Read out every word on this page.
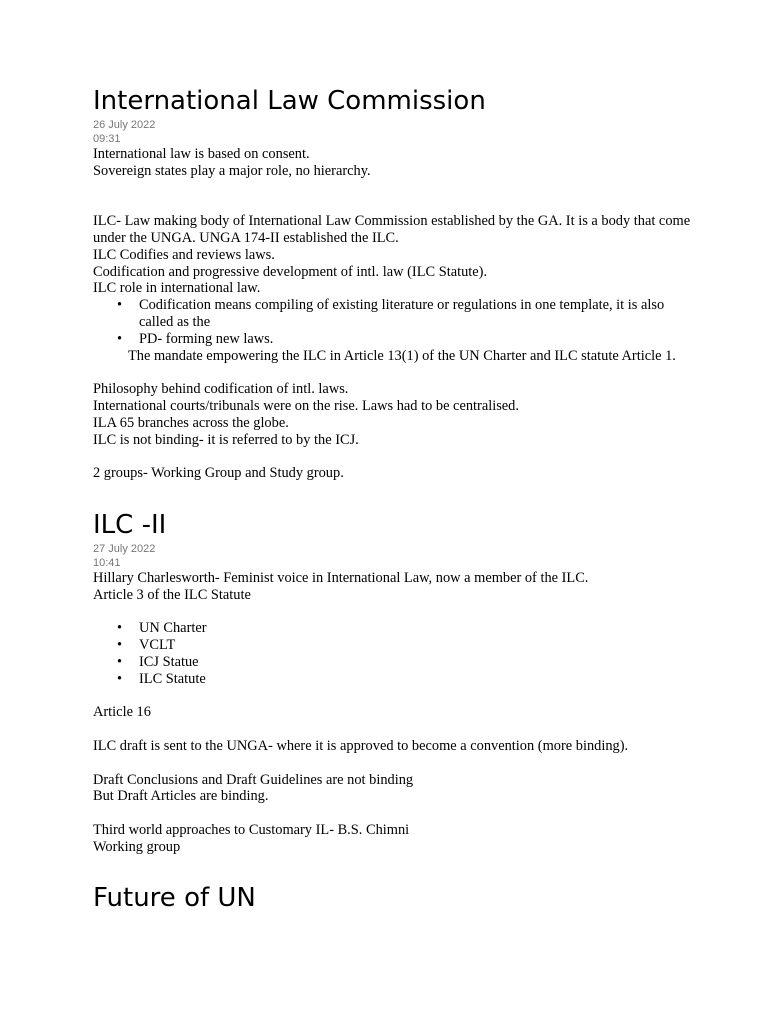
International Law Commission
26 July 2022
09:31
International law is based on consent.
Sovereign states play a major role, no hierarchy.
ILC- Law making body of International Law Commission established by the GA. It is a body that come under the UNGA. UNGA 174-II established the ILC.
ILC Codifies and reviews laws.
Codification and progressive development of intl. law (ILC Statute).
ILC role in international law.
• Codification means compiling of existing literature or regulations in one template, it is also called as the
• PD- forming new laws.
The mandate empowering the ILC in Article 13(1) of the UN Charter and ILC statute Article 1.
Philosophy behind codification of intl. laws.
International courts/tribunals were on the rise. Laws had to be centralised.
ILA 65 branches across the globe.
ILC is not binding- it is referred to by the ICJ.
2 groups- Working Group and Study group.
ILC -II
27 July 2022
10:41
Hillary Charlesworth- Feminist voice in International Law, now a member of the ILC.
Article 3 of the ILC Statute
• UN Charter
• VCLT
• ICJ Statue
• ILC Statute
Article 16
ILC draft is sent to the UNGA- where it is approved to become a convention (more binding).
Draft Conclusions and Draft Guidelines are not binding
But Draft Articles are binding.
Third world approaches to Customary IL- B.S. Chimni
Working group
Future of UN
